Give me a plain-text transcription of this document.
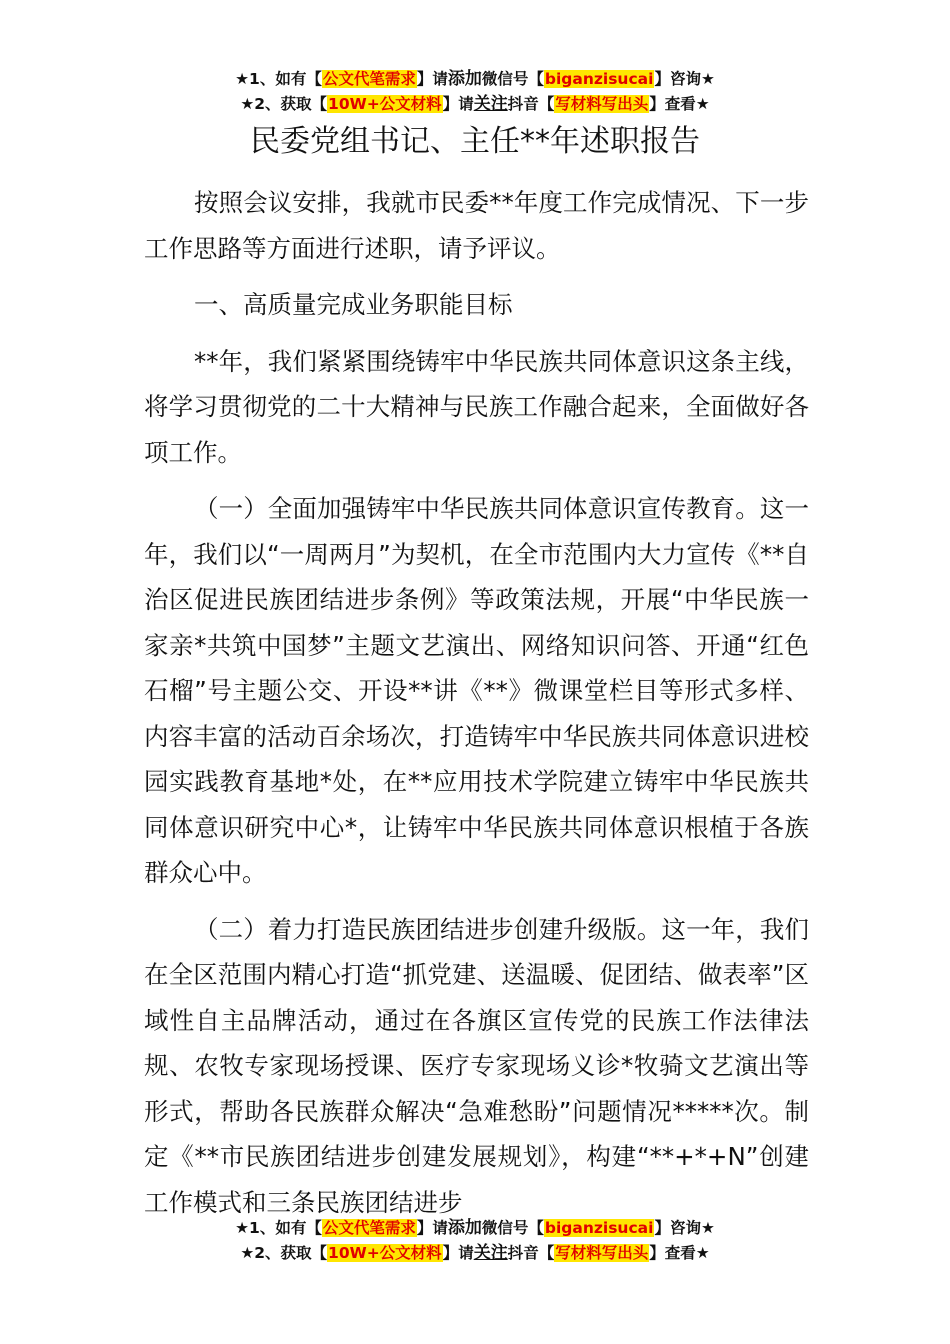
★1、如有【公文代笔需求】请添加微信号【biganzisucai】咨询★
★2、获取【10W+公文材料】请关注抖音【写材料写出头】查看★
民委党组书记、主任**年述职报告

按照会议安排，我就市民委**年度工作完成情况、下一步工作思路等方面进行述职，请予评议。

一、高质量完成业务职能目标

**年，我们紧紧围绕铸牢中华民族共同体意识这条主线，将学习贯彻党的二十大精神与民族工作融合起来，全面做好各项工作。

（一）全面加强铸牢中华民族共同体意识宣传教育。这一年，我们以“一周两月”为契机，在全市范围内大力宣传《**自治区促进民族团结进步条例》等政策法规，开展“中华民族一家亲*共筑中国梦”主题文艺演出、网络知识问答、开通“红色石榴”号主题公交、开设**讲《**》微课堂栏目等形式多样、内容丰富的活动百余场次，打造铸牢中华民族共同体意识进校园实践教育基地*处，在**应用技术学院建立铸牢中华民族共同体意识研究中心*，让铸牢中华民族共同体意识根植于各族群众心中。

（二）着力打造民族团结进步创建升级版。这一年，我们在全区范围内精心打造“抓党建、送温暖、促团结、做表率”区域性自主品牌活动，通过在各旗区宣传党的民族工作法律法规、农牧专家现场授课、医疗专家现场义诊*牧骑文艺演出等形式，帮助各民族群众解决“急难愁盼”问题情况*****次。制定《**市民族团结进步创建发展规划》，构建“**+*+N”创建工作模式和三条民族团结进步

★1、如有【公文代笔需求】请添加微信号【biganzisucai】咨询★
★2、获取【10W+公文材料】请关注抖音【写材料写出头】查看★
